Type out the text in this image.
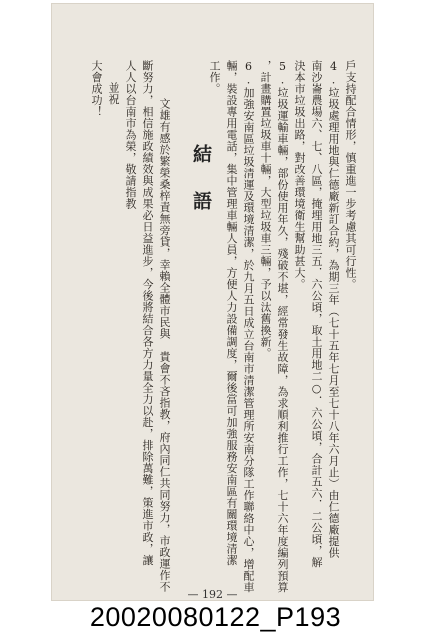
戶支持配合情形，慎重進一步考慮其可行性。
4.垃圾處理用地與仁德廠新訂合約，為期三年（七十五年七月至七十八年六月止）由仁德廠提供
南沙崙農場六、七、八區，掩埋用地三五．六公頃，取土用地二○．六公頃，合計五六．二公頃，解
決本市垃圾出路，對改善環境衛生幫助甚大。
5.垃圾運輸車輛，部份使用年久，殘破不堪，經常發生故障，為求順利推行工作，七十六年度編列預算
，計畫購置垃圾車十輛，大型垃圾車三輛，予以汰舊換新。
6.加強安南區垃圾清運及環境清潔，於九月五日成立台南市清潔管理所安南分隊工作聯絡中心，增配車
輛，裝設專用電話，集中管理車輛人員，方便人力設備調度，爾後當可加強服務安南區有關環境清潔
工作。
結語
文雄有感於繁榮桑梓責無旁貸，幸賴全體市民與　貴會不吝指教，府內同仁共同努力，市政運作不
斷努力，相信施政績效與成果必日益進步，今後將結合各方力量全力以赴，排除萬難，策進市政，讓
人人以台南市為榮，敬請指教
並祝
大會成功！
— 192 —
20020080122_P193
